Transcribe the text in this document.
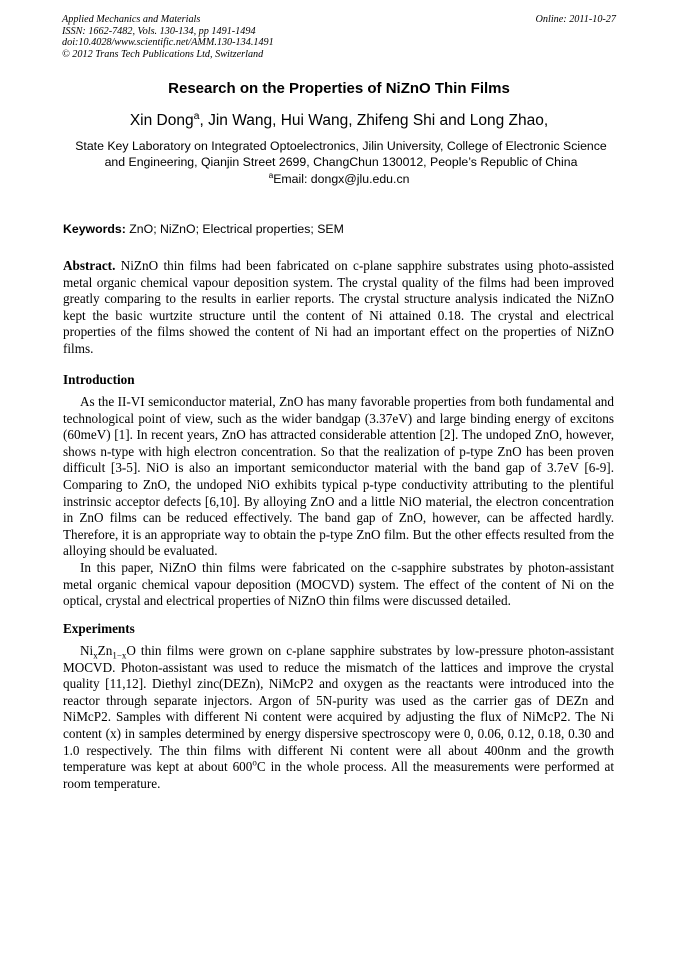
Applied Mechanics and Materials
ISSN: 1662-7482, Vols. 130-134, pp 1491-1494
doi:10.4028/www.scientific.net/AMM.130-134.1491
© 2012 Trans Tech Publications Ltd, Switzerland
Online: 2011-10-27
Research on the Properties of NiZnO Thin Films
Xin Dong$^a$, Jin Wang, Hui Wang, Zhifeng Shi and Long Zhao,
State Key Laboratory on Integrated Optoelectronics, Jilin University, College of Electronic Science
and Engineering, Qianjin Street 2699, ChangChun 130012, People’s Republic of China
$^a$Email: dongx@jlu.edu.cn
Keywords: ZnO; NiZnO; Electrical properties; SEM

Abstract. NiZnO thin films had been fabricated on c-plane sapphire substrates using photo-assisted metal organic chemical vapour deposition system. The crystal quality of the films had been improved greatly comparing to the results in earlier reports. The crystal structure analysis indicated the NiZnO kept the basic wurtzite structure until the content of Ni attained 0.18. The crystal and electrical properties of the films showed the content of Ni had an important effect on the properties of NiZnO films.

Introduction

As the II-VI semiconductor material, ZnO has many favorable properties from both fundamental and technological point of view, such as the wider bandgap (3.37eV) and large binding energy of excitons (60meV) [1]. In recent years, ZnO has attracted considerable attention [2]. The undoped ZnO, however, shows n-type with high electron concentration. So that the realization of p-type ZnO has been proven difficult [3-5]. NiO is also an important semiconductor material with the band gap of 3.7eV [6-9]. Comparing to ZnO, the undoped NiO exhibits typical p-type conductivity attributing to the plentiful instrinsic acceptor defects [6,10]. By alloying ZnO and a little NiO material, the electron concentration in ZnO films can be reduced effectively. The band gap of ZnO, however, can be affected hardly. Therefore, it is an appropriate way to obtain the p-type ZnO film. But the other effects resulted from the alloying should be evaluated.

In this paper, NiZnO thin films were fabricated on the c-sapphire substrates by photon-assistant metal organic chemical vapour deposition (MOCVD) system. The effect of the content of Ni on the optical, crystal and electrical properties of NiZnO thin films were discussed detailed.

Experiments

$Ni_xZn_{1-x}O$ thin films were grown on c-plane sapphire substrates by low-pressure photon-assistant MOCVD. Photon-assistant was used to reduce the mismatch of the lattices and improve the crystal quality [11,12]. Diethyl zinc(DEZn), NiMcP2 and oxygen as the reactants were introduced into the reactor through separate injectors. Argon of 5N-purity was used as the carrier gas of DEZn and NiMcP2. Samples with different Ni content were acquired by adjusting the flux of NiMcP2. The Ni content (x) in samples determined by energy dispersive spectroscopy were 0, 0.06, 0.12, 0.18, 0.30 and 1.0 respectively. The thin films with different Ni content were all about 400nm and the growth temperature was kept at about 600$^o$C in the whole process. All the measurements were performed at room temperature.
